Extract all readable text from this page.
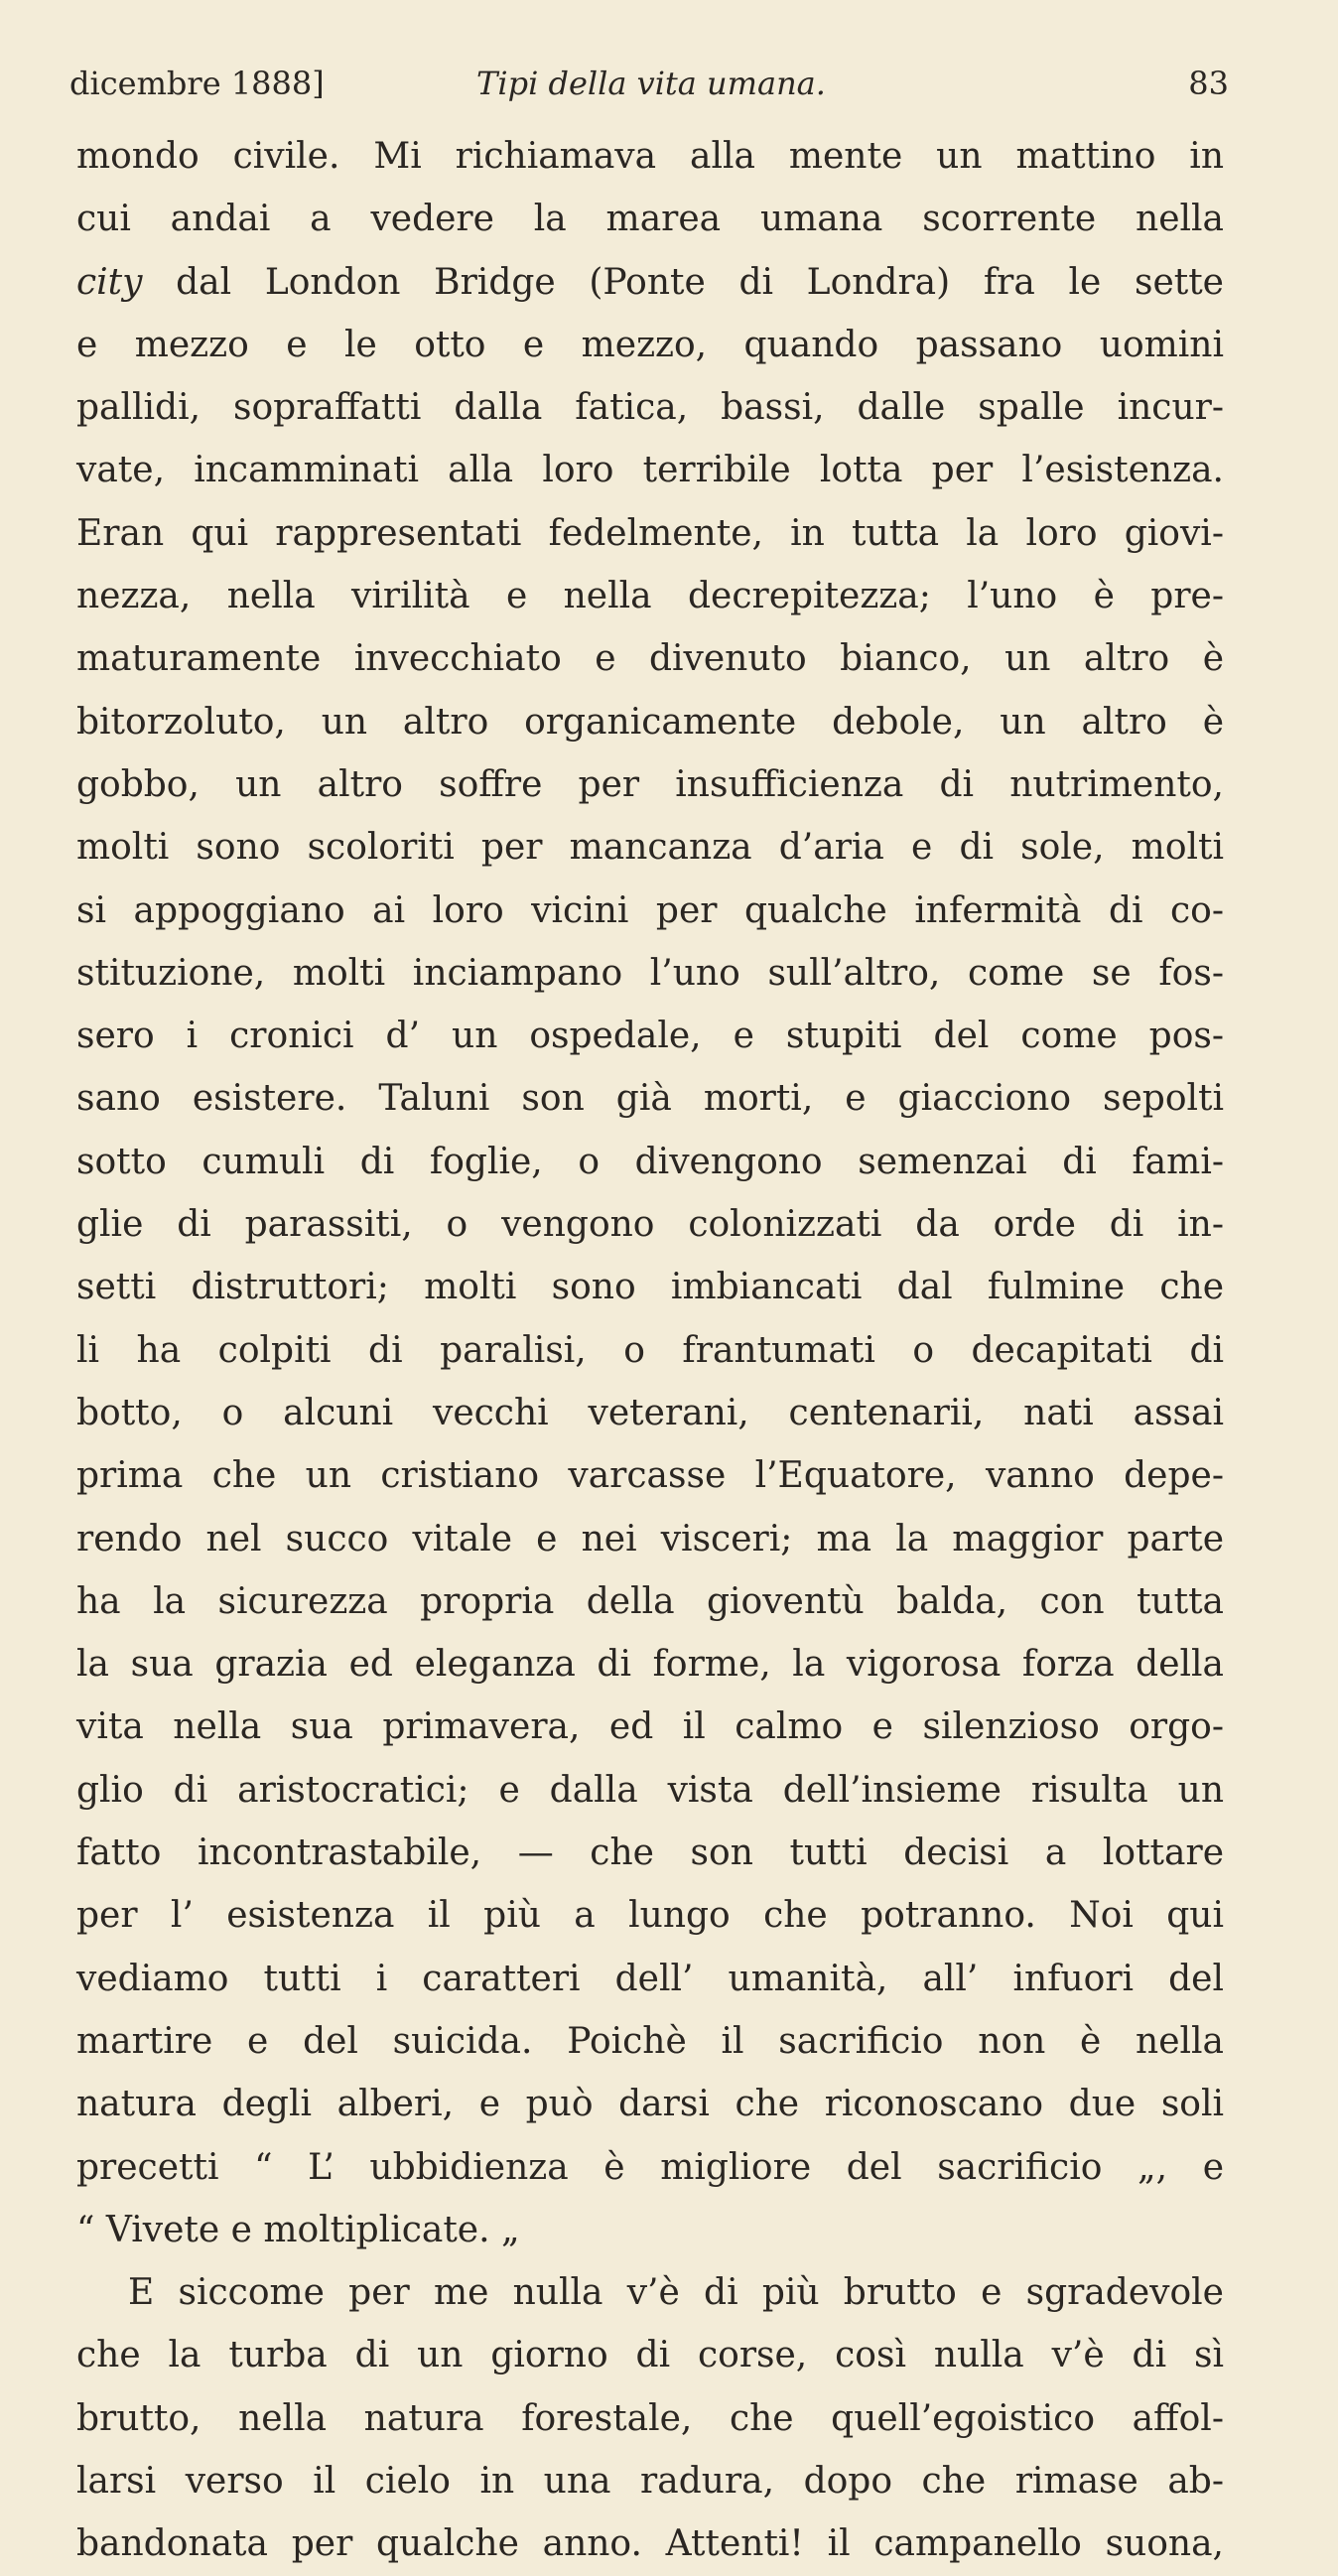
dicembre 1888]	Tipi della vita umana.	83
mondo civile. Mi richiamava alla mente un mattino in
cui andai a vedere la marea umana scorrente nella
city dal London Bridge (Ponte di Londra) fra le sette
e mezzo e le otto e mezzo, quando passano uomini
pallidi, sopraffatti dalla fatica, bassi, dalle spalle incur-
vate, incamminati alla loro terribile lotta per l’esistenza.
Eran qui rappresentati fedelmente, in tutta la loro giovi-
nezza, nella virilità e nella decrepitezza; l’uno è pre-
maturamente invecchiato e divenuto bianco, un altro è
bitorzoluto, un altro organicamente debole, un altro è
gobbo, un altro soffre per insufficienza di nutrimento,
molti sono scoloriti per mancanza d’aria e di sole, molti
si appoggiano ai loro vicini per qualche infermità di co-
stituzione, molti inciampano l’uno sull’altro, come se fos-
sero i cronici d’ un ospedale, e stupiti del come pos-
sano esistere. Taluni son già morti, e giacciono sepolti
sotto cumuli di foglie, o divengono semenzai di fami-
glie di parassiti, o vengono colonizzati da orde di in-
setti distruttori; molti sono imbiancati dal fulmine che
li ha colpiti di paralisi, o frantumati o decapitati di
botto, o alcuni vecchi veterani, centenarii, nati assai
prima che un cristiano varcasse l’Equatore, vanno depe-
rendo nel succo vitale e nei visceri; ma la maggior parte
ha la sicurezza propria della gioventù balda, con tutta
la sua grazia ed eleganza di forme, la vigorosa forza della
vita nella sua primavera, ed il calmo e silenzioso orgo-
glio di aristocratici; e dalla vista dell’insieme risulta un
fatto incontrastabile, — che son tutti decisi a lottare
per l’ esistenza il più a lungo che potranno. Noi qui
vediamo tutti i caratteri dell’ umanità, all’ infuori del
martire e del suicida. Poichè il sacrificio non è nella
natura degli alberi, e può darsi che riconoscano due soli
precetti “ L’ ubbidienza è migliore del sacrificio „, e
“ Vivete e moltiplicate. „
E siccome per me nulla v’è di più brutto e sgradevole
che la turba di un giorno di corse, così nulla v’è di sì
brutto, nella natura forestale, che quell’egoistico affol-
larsi verso il cielo in una radura, dopo che rimase ab-
bandonata per qualche anno. Attenti! il campanello suona,
